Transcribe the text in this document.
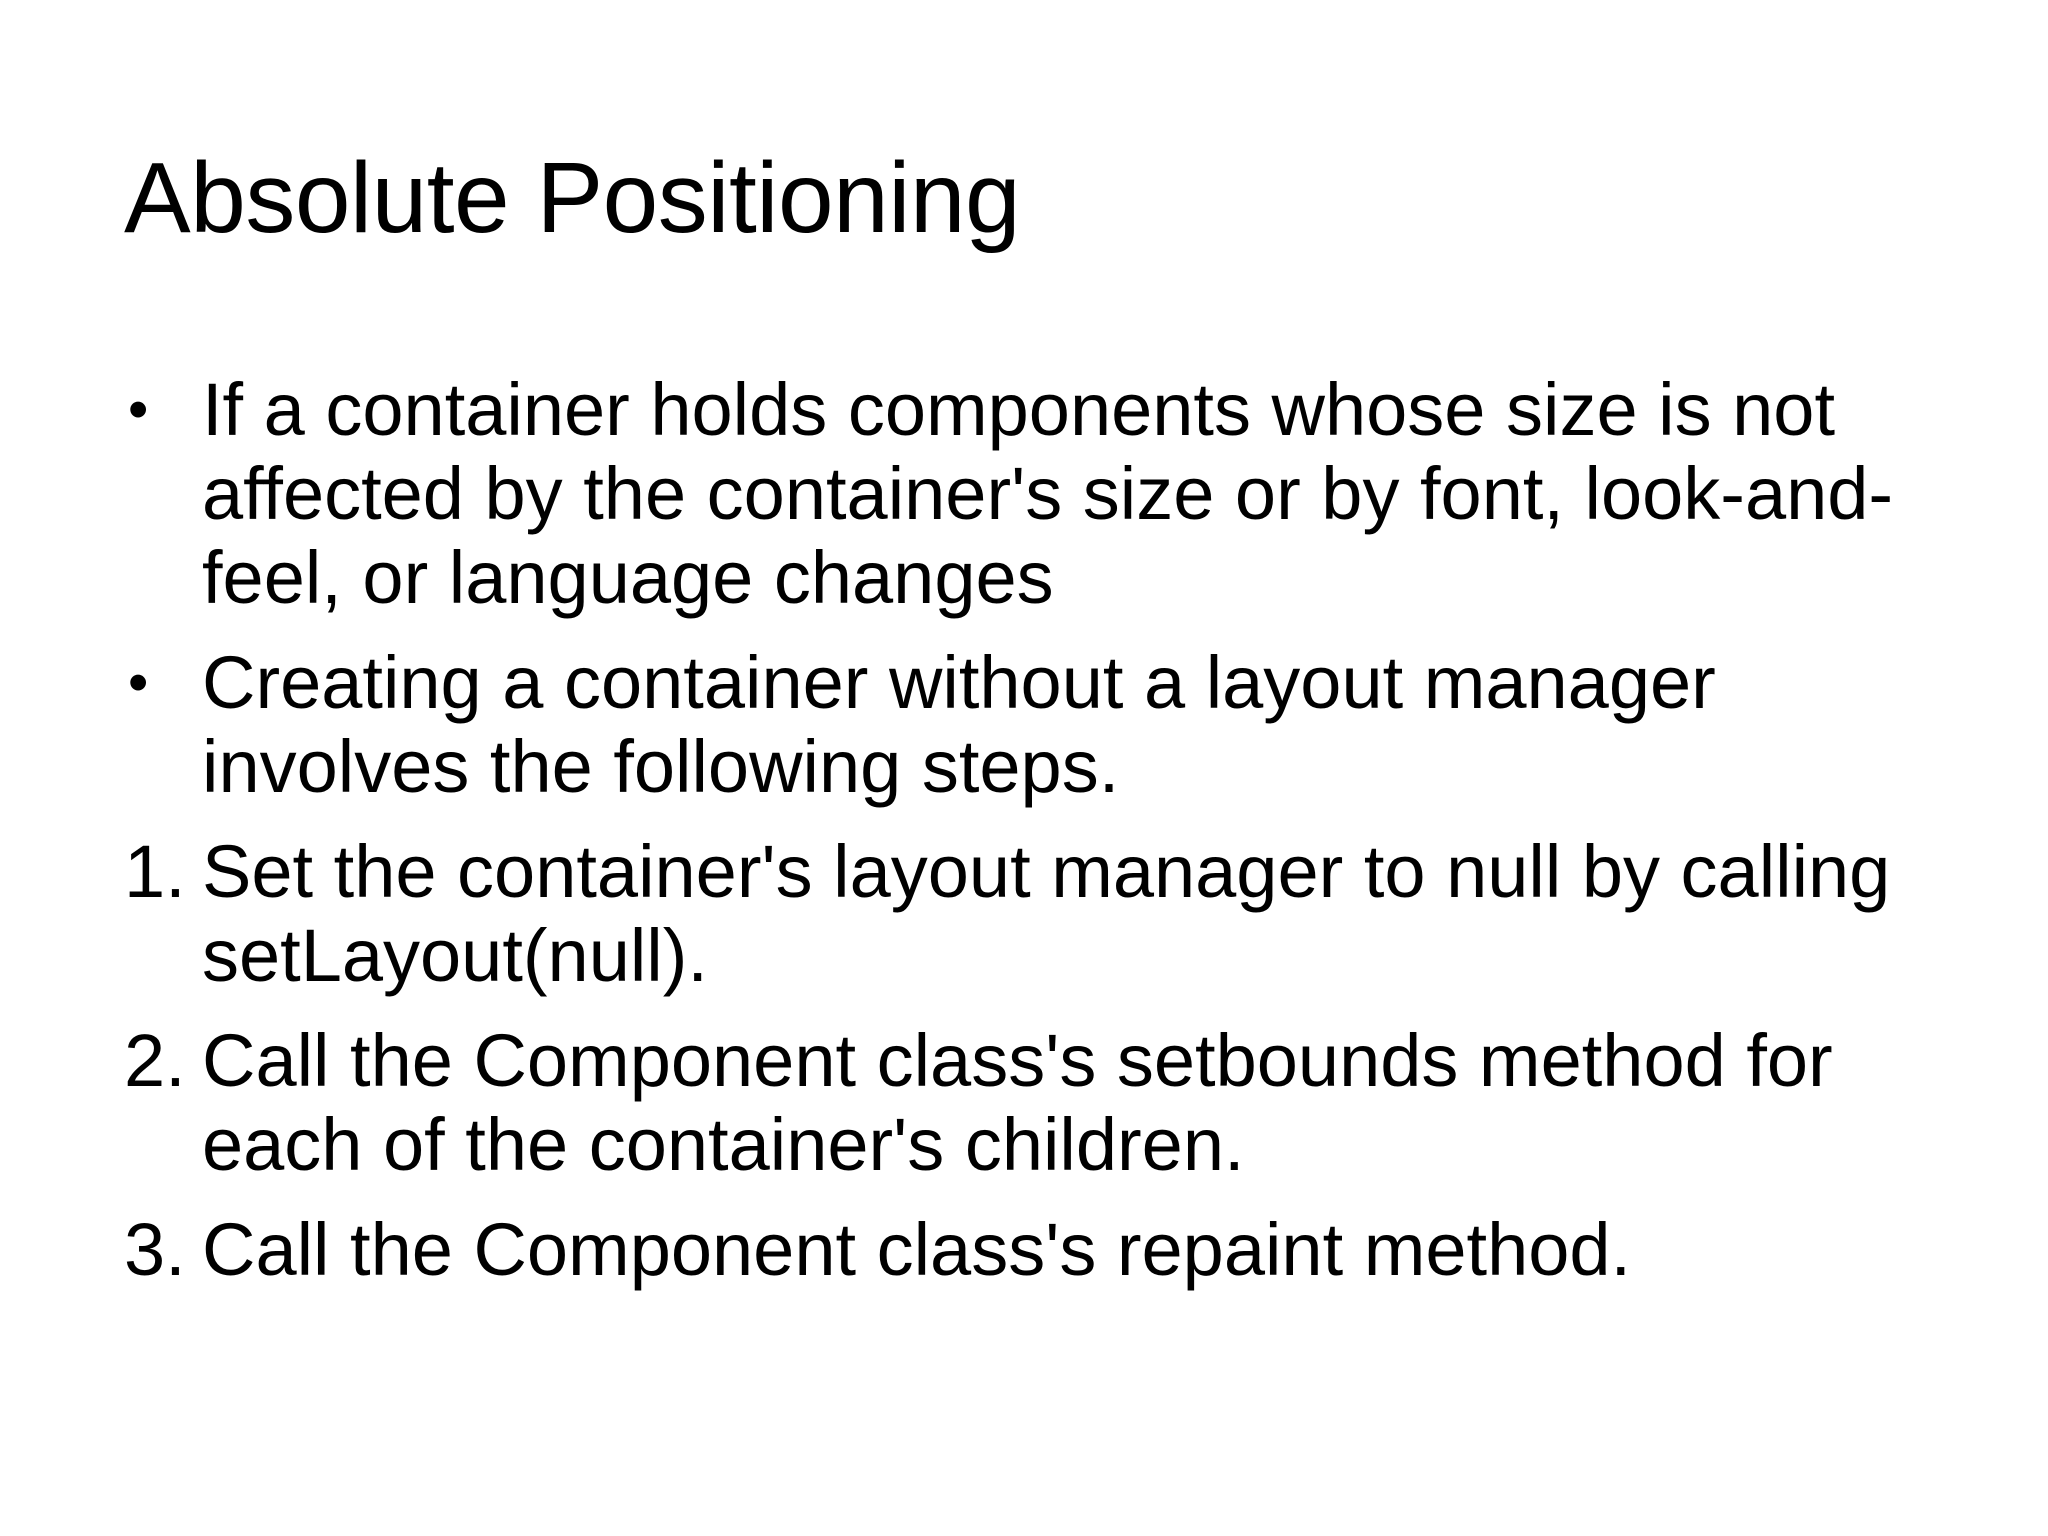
Absolute Positioning
• If a container holds components whose size is not affected by the container's size or by font, look-and-feel, or language changes
• Creating a container without a layout manager involves the following steps.
1. Set the container's layout manager to null by calling setLayout(null).
2. Call the Component class's setbounds method for each of the container's children.
3. Call the Component class's repaint method.
